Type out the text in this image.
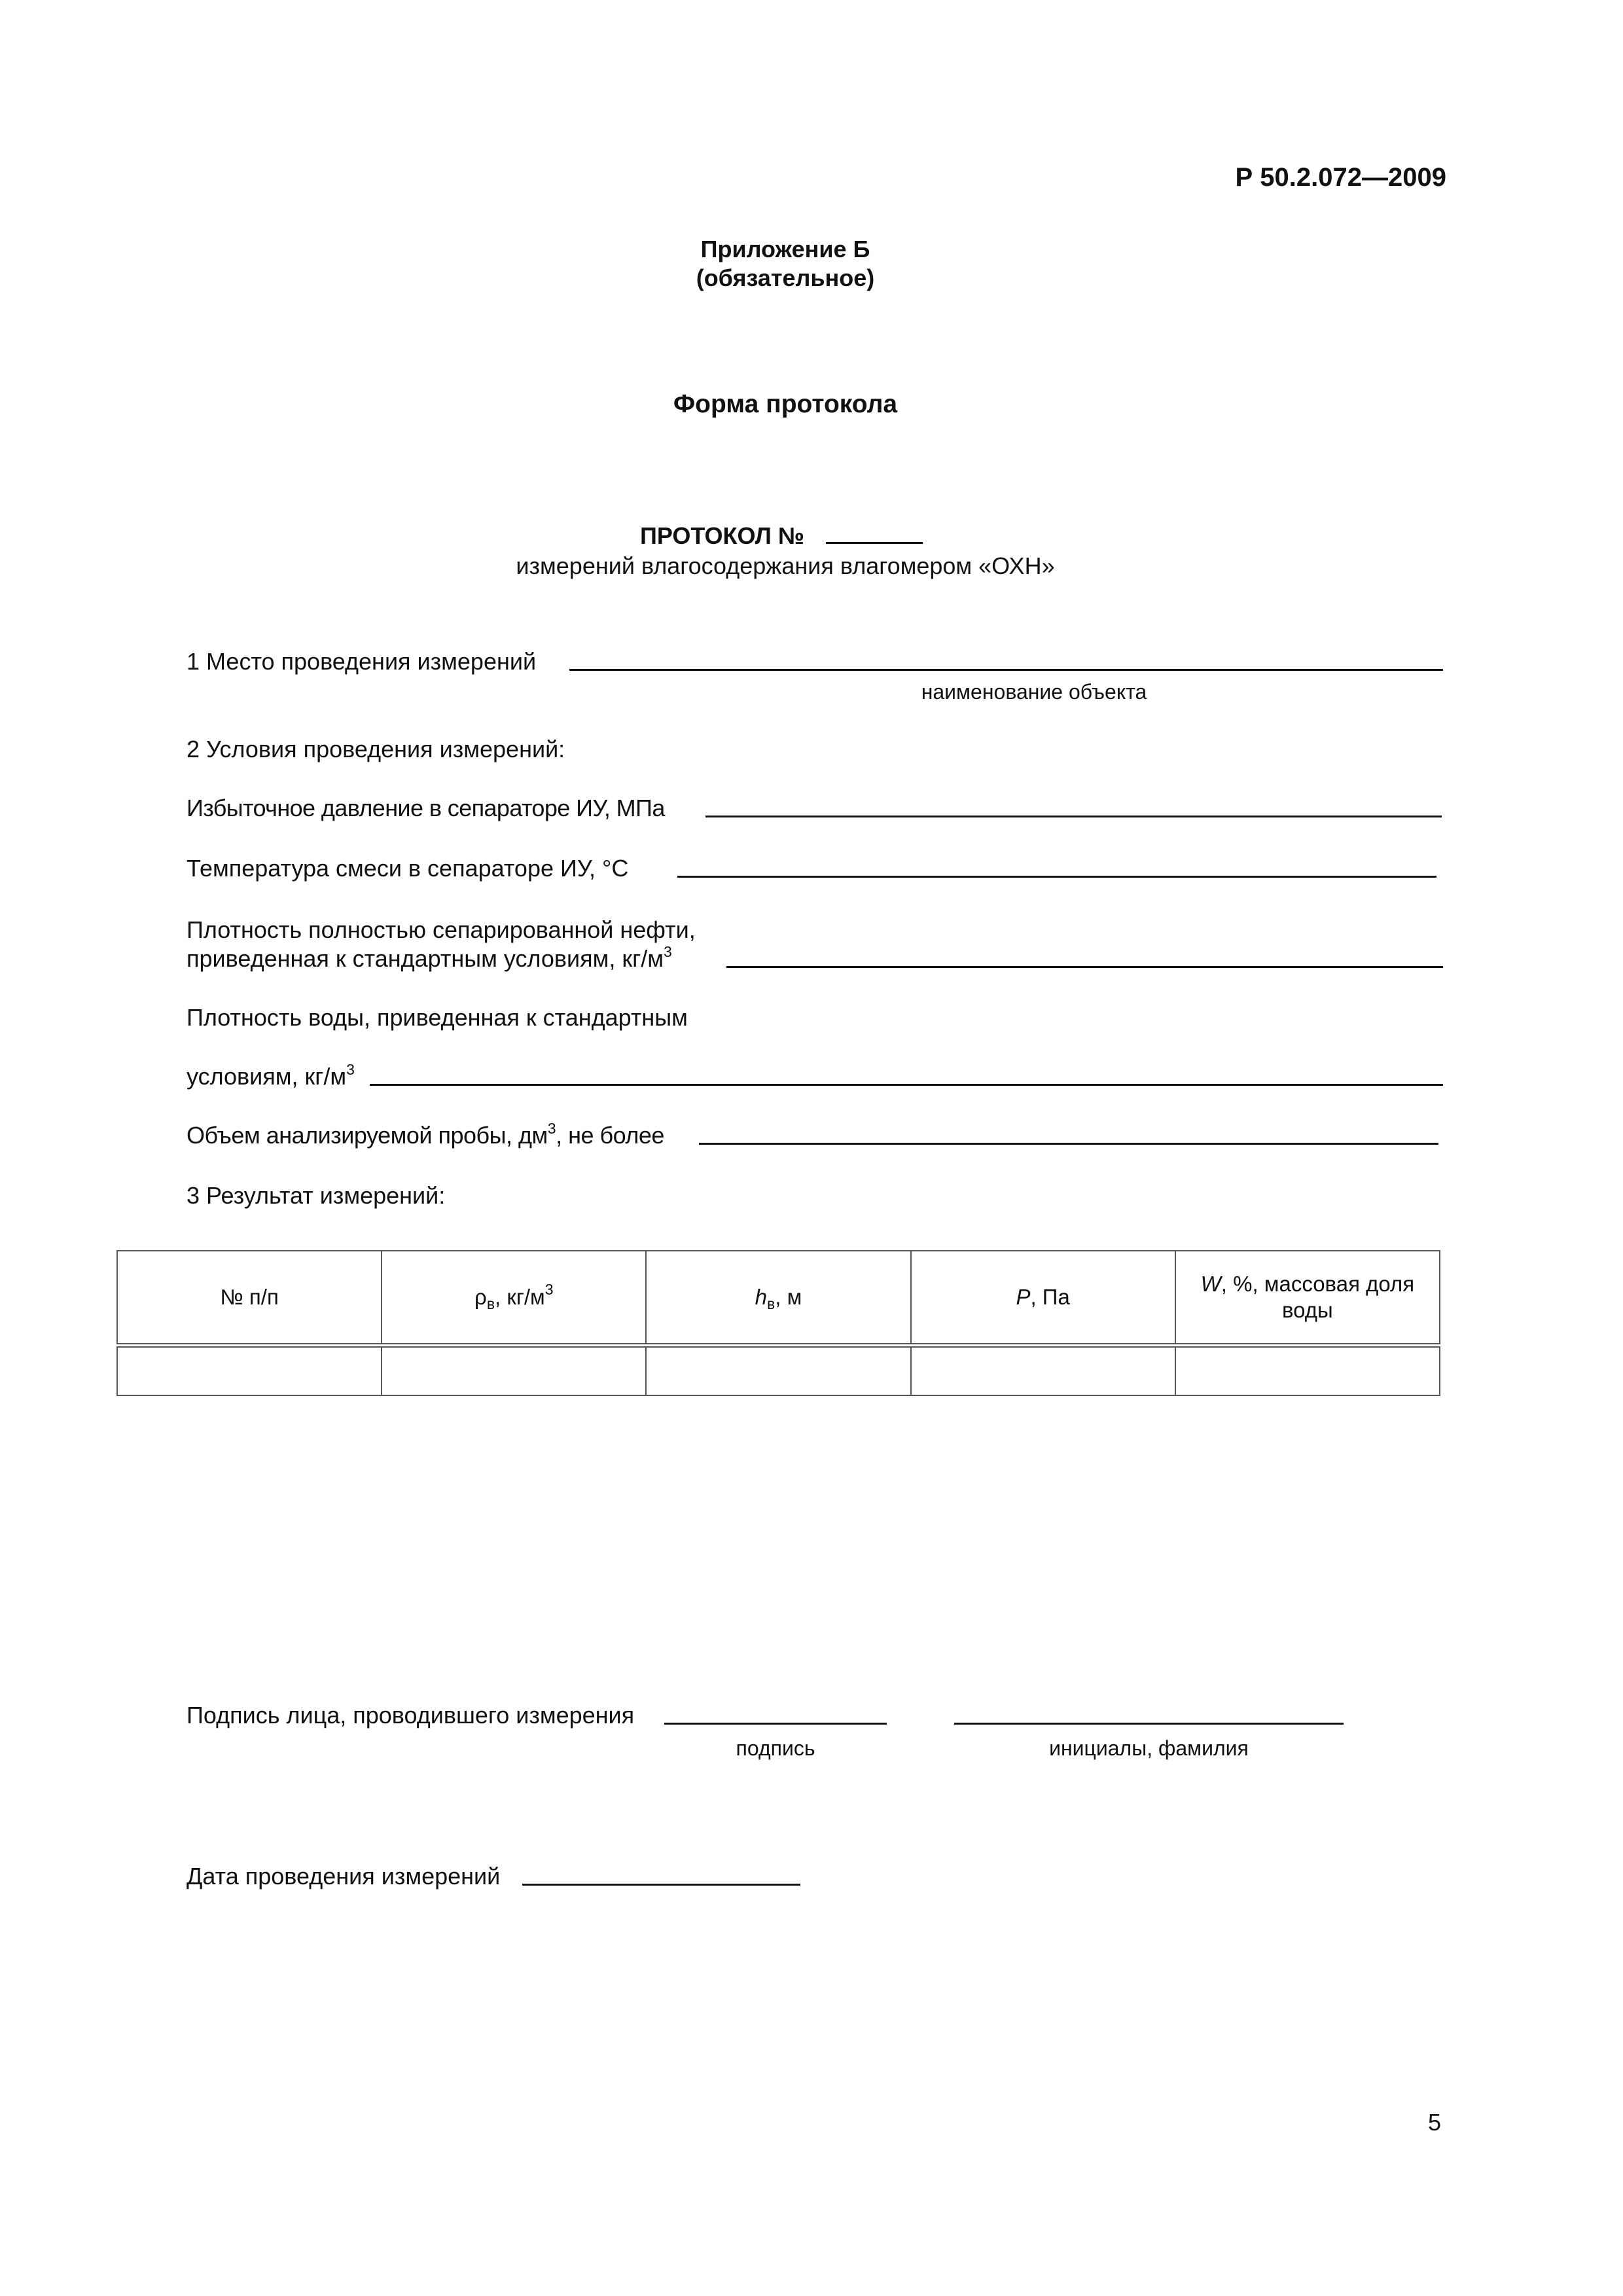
Р 50.2.072—2009
Приложение Б
(обязательное)
Форма протокола
ПРОТОКОЛ №
измерений влагосодержания влагомером «ОХН»
1 Место проведения измерений
наименование объекта
2 Условия проведения измерений:
Избыточное давление в сепараторе ИУ, МПа
Температура смеси в сепараторе ИУ, °С
Плотность полностью сепарированной нефти,
приведенная к стандартным условиям, $кг/м^3$
Плотность воды, приведенная к стандартным
условиям, $кг/м^3$
Объем анализируемой пробы, $дм^3$, не более
3 Результат измерений:
№ п/п	$\rho_в$, $кг/м^3$	$h_в$, м	P, Па	W, %, массовая доля воды

Подпись лица, проводившего измерения
подпись	инициалы, фамилия
Дата проведения измерений
5
